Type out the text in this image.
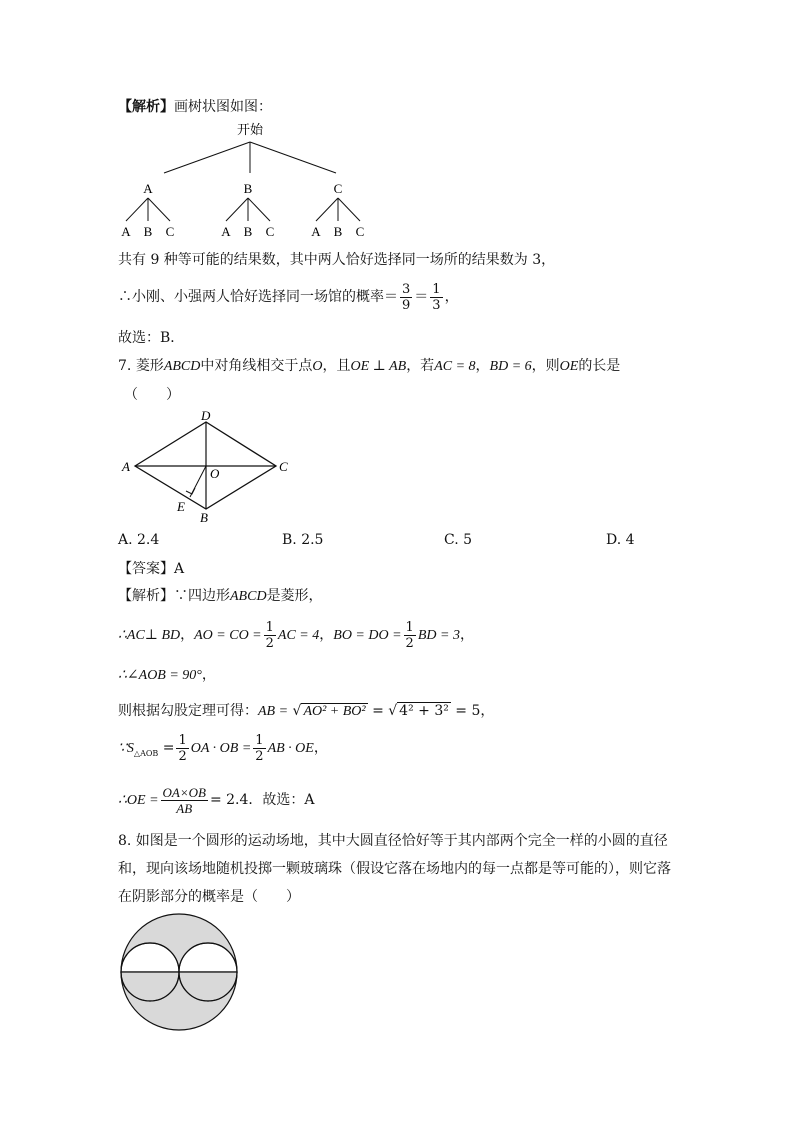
【解析】画树状图如图：
开始
A	B	C
A B C	A B C	A B C
共有 9 种等可能的结果数，其中两人恰好选择同一场所的结果数为 3，
∴小刚、小强两人恰好选择同一场馆的概率＝ $\frac{3}{9} = \frac{1}{3}$ ，
故选：B．
7. 菱形ABCD中对角线相交于点O，且OE ⊥ AB，若AC = 8，BD = 6，则OE的长是
（　　）
A
D
C
O
E
B
A. 2.4	B. 2.5	C. 5	D. 4
【答案】A
【解析】∵四边形ABCD是菱形，
∴AC⊥ BD，AO = CO = $\frac{1}{2}$ AC = 4，BO = DO = $\frac{1}{2}$ BD = 3，
∴∠AOB = 90°，
则根据勾股定理可得：AB = √ AO² + BO² = √ 4² + 3² = 5，
$\because S_{\triangle AOB} = \frac{1}{2}$ OA · OB = $\frac{1}{2}$ AB · OE，
∴OE = $\frac{OA\times OB}{AB} = 2.4$．故选：A
8. 如图是一个圆形的运动场地，其中大圆直径恰好等于其内部两个完全一样的小圆的直径
和，现向该场地随机投掷一颗玻璃珠（假设它落在场地内的每一点都是等可能的），则它落
在阴影部分的概率是（　　）
